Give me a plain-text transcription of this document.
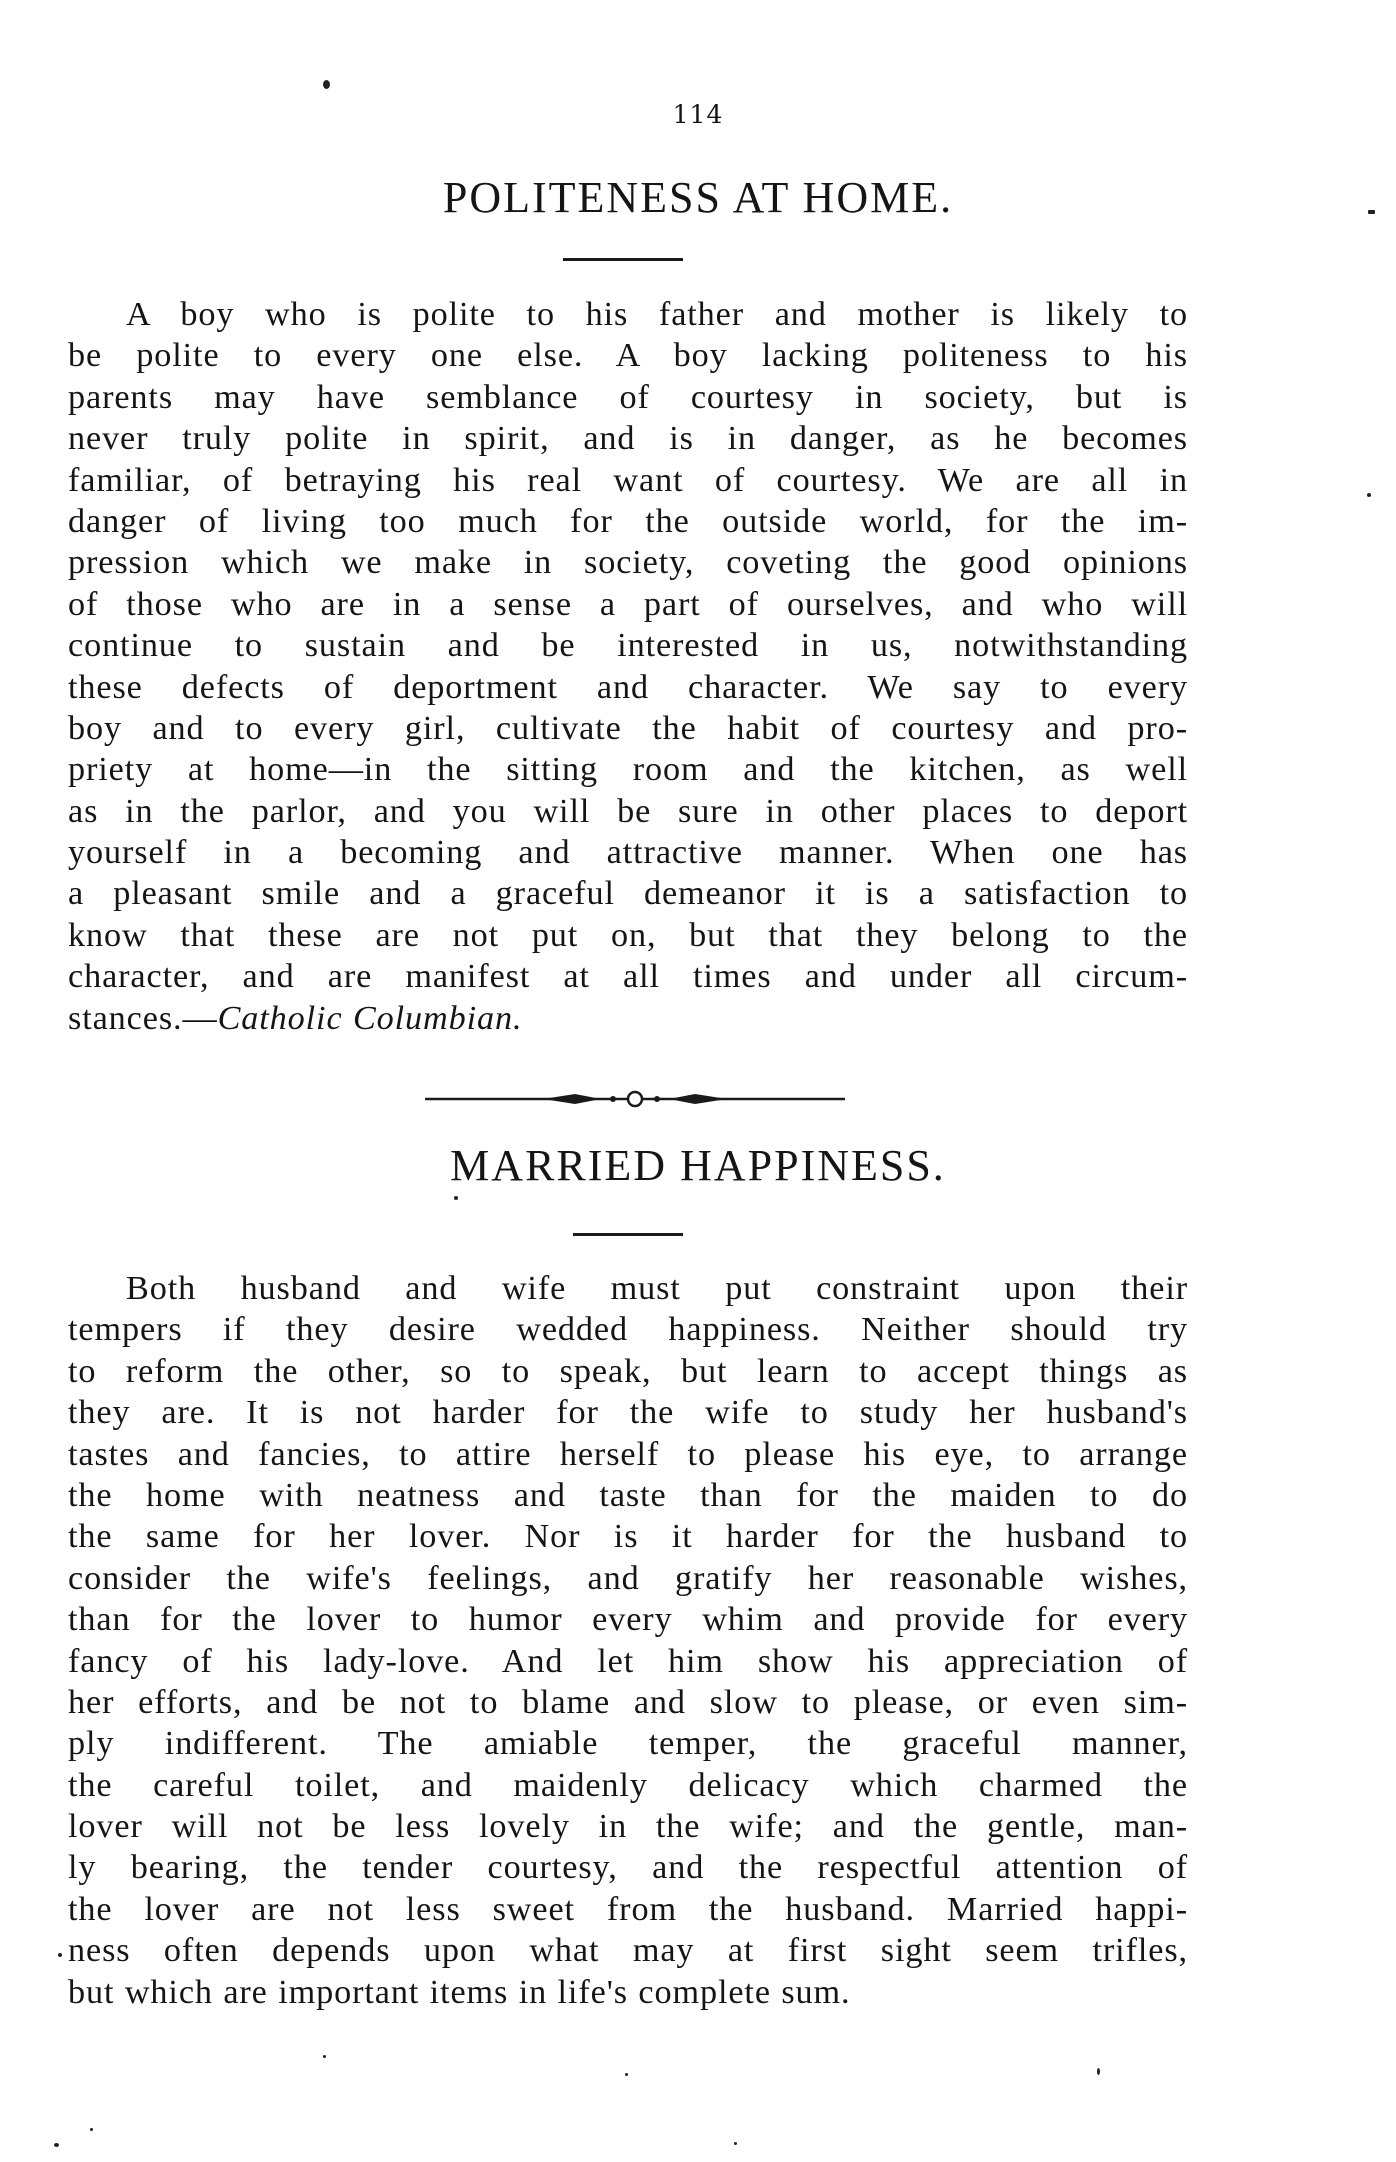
114
POLITENESS AT HOME.
A boy who is polite to his father and mother is likely to
be polite to every one else. A boy lacking politeness to his
parents may have semblance of courtesy in society, but is
never truly polite in spirit, and is in danger, as he becomes
familiar, of betraying his real want of courtesy. We are all in
danger of living too much for the outside world, for the im-
pression which we make in society, coveting the good opinions
of those who are in a sense a part of ourselves, and who will
continue to sustain and be interested in us, notwithstanding
these defects of deportment and character. We say to every
boy and to every girl, cultivate the habit of courtesy and pro-
priety at home—in the sitting room and the kitchen, as well
as in the parlor, and you will be sure in other places to deport
yourself in a becoming and attractive manner. When one has
a pleasant smile and a graceful demeanor it is a satisfaction to
know that these are not put on, but that they belong to the
character, and are manifest at all times and under all circum-
stances.—Catholic Columbian.
MARRIED HAPPINESS.
Both husband and wife must put constraint upon their
tempers if they desire wedded happiness. Neither should try
to reform the other, so to speak, but learn to accept things as
they are. It is not harder for the wife to study her husband's
tastes and fancies, to attire herself to please his eye, to arrange
the home with neatness and taste than for the maiden to do
the same for her lover. Nor is it harder for the husband to
consider the wife's feelings, and gratify her reasonable wishes,
than for the lover to humor every whim and provide for every
fancy of his lady-love. And let him show his appreciation of
her efforts, and be not to blame and slow to please, or even sim-
ply indifferent. The amiable temper, the graceful manner,
the careful toilet, and maidenly delicacy which charmed the
lover will not be less lovely in the wife; and the gentle, man-
ly bearing, the tender courtesy, and the respectful attention of
the lover are not less sweet from the husband. Married happi-
ness often depends upon what may at first sight seem trifles,
but which are important items in life's complete sum.
